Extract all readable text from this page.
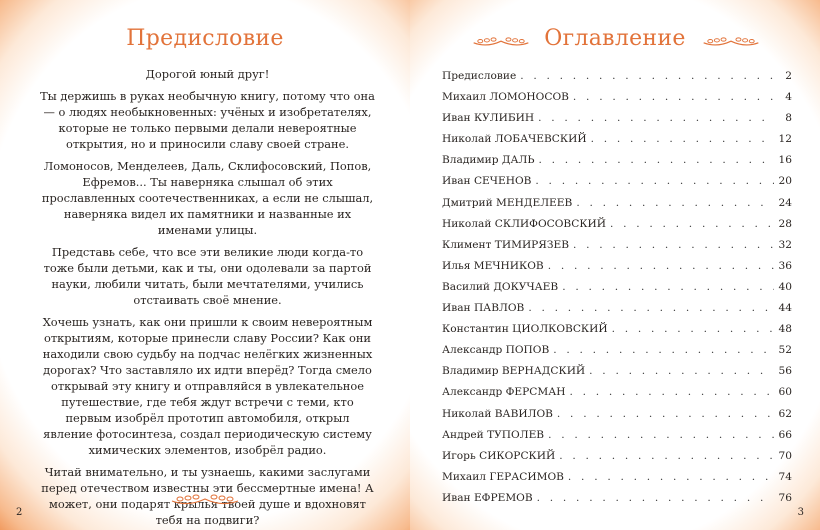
Предисловие

Дорогой юный друг!

Ты держишь в руках необычную книгу, потому что она — о людях необыкновенных: учёных и изобретателях, которые не только первыми делали невероятные открытия, но и приносили славу своей стране.

Ломоносов, Менделеев, Даль, Склифосовский, Попов, Ефремов... Ты наверняка слышал об этих прославленных соотечественниках, а если не слышал, наверняка видел их памятники и названные их именами улицы.

Представь себе, что все эти великие люди когда-то тоже были детьми, как и ты, они одолевали за партой науки, любили читать, были мечтателями, учились отстаивать своё мнение.

Хочешь узнать, как они пришли к своим невероятным открытиям, которые принесли славу России? Как они находили свою судьбу на подчас нелёгких жизненных дорогах? Что заставляло их идти вперёд? Тогда смело открывай эту книгу и отправляйся в увлекательное путешествие, где тебя ждут встречи с теми, кто первым изобрёл прототип автомобиля, открыл явление фотосинтеза, создал периодическую систему химических элементов, изобрёл радио.

Читай внимательно, и ты узнаешь, какими заслугами перед отечеством известны эти бессмертные имена! А может, они подарят крылья твоей душе и вдохновят тебя на подвиги?

2
Оглавление
Предисловие . . .	2
Михаил ЛОМОНОСОВ . . .	4
Иван КУЛИБИН . . .	8
Николай ЛОБАЧЕВСКИЙ . . .	12
Владимир ДАЛЬ . . .	16
Иван СЕЧЕНОВ . . .	20
Дмитрий МЕНДЕЛЕЕВ . . .	24
Николай СКЛИФОСОВСКИЙ . . .	28
Климент ТИМИРЯЗЕВ . . .	32
Илья МЕЧНИКОВ . . .	36
Василий ДОКУЧАЕВ . . .	40
Иван ПАВЛОВ . . .	44
Константин ЦИОЛКОВСКИЙ . . .	48
Александр ПОПОВ . . .	52
Владимир ВЕРНАДСКИЙ . . .	56
Александр ФЕРСМАН . . .	60
Николай ВАВИЛОВ . . .	62
Андрей ТУПОЛЕВ . . .	66
Игорь СИКОРСКИЙ . . .	70
Михаил ГЕРАСИМОВ . . .	74
Иван ЕФРЕМОВ . . .	76
3
